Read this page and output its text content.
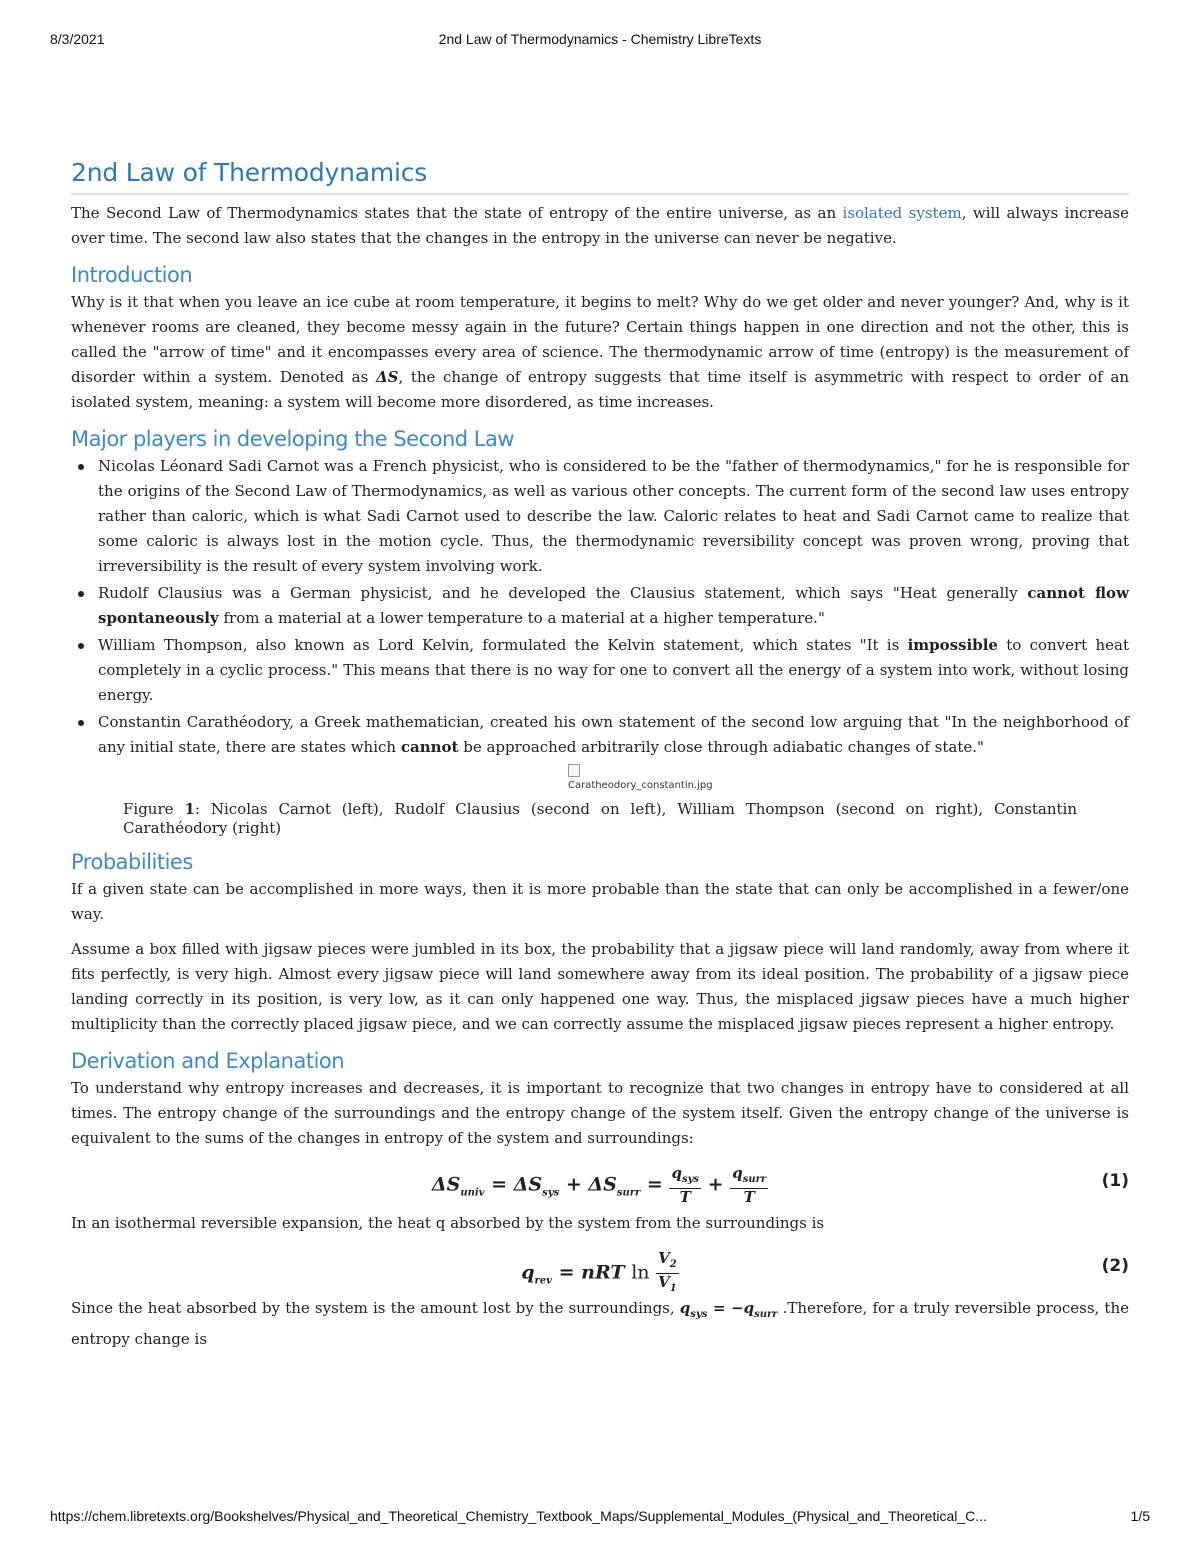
8/3/2021	2nd Law of Thermodynamics - Chemistry LibreTexts
2nd Law of Thermodynamics

The Second Law of Thermodynamics states that the state of entropy of the entire universe, as an isolated system, will always increase over time. The second law also states that the changes in the entropy in the universe can never be negative.

Introduction

Why is it that when you leave an ice cube at room temperature, it begins to melt? Why do we get older and never younger? And, why is it whenever rooms are cleaned, they become messy again in the future? Certain things happen in one direction and not the other, this is called the "arrow of time" and it encompasses every area of science. The thermodynamic arrow of time (entropy) is the measurement of disorder within a system. Denoted as ΔS, the change of entropy suggests that time itself is asymmetric with respect to order of an isolated system, meaning: a system will become more disordered, as time increases.

Major players in developing the Second Law
Nicolas Léonard Sadi Carnot was a French physicist, who is considered to be the "father of thermodynamics," for he is responsible for the origins of the Second Law of Thermodynamics, as well as various other concepts. The current form of the second law uses entropy rather than caloric, which is what Sadi Carnot used to describe the law. Caloric relates to heat and Sadi Carnot came to realize that some caloric is always lost in the motion cycle. Thus, the thermodynamic reversibility concept was proven wrong, proving that irreversibility is the result of every system involving work.
Rudolf Clausius was a German physicist, and he developed the Clausius statement, which says "Heat generally cannot flow spontaneously from a material at a lower temperature to a material at a higher temperature."
William Thompson, also known as Lord Kelvin, formulated the Kelvin statement, which states "It is impossible to convert heat completely in a cyclic process." This means that there is no way for one to convert all the energy of a system into work, without losing energy.
Constantin Carathéodory, a Greek mathematician, created his own statement of the second low arguing that "In the neighborhood of any initial state, there are states which cannot be approached arbitrarily close through adiabatic changes of state."
Caratheodory_constantin.jpg
Figure 1: Nicolas Carnot (left), Rudolf Clausius (second on left), William Thompson (second on right), Constantin Carathéodory (right)
Probabilities

If a given state can be accomplished in more ways, then it is more probable than the state that can only be accomplished in a fewer/one way.

Assume a box filled with jigsaw pieces were jumbled in its box, the probability that a jigsaw piece will land randomly, away from where it fits perfectly, is very high. Almost every jigsaw piece will land somewhere away from its ideal position. The probability of a jigsaw piece landing correctly in its position, is very low, as it can only happened one way. Thus, the misplaced jigsaw pieces have a much higher multiplicity than the correctly placed jigsaw piece, and we can correctly assume the misplaced jigsaw pieces represent a higher entropy.

Derivation and Explanation

To understand why entropy increases and decreases, it is important to recognize that two changes in entropy have to considered at all times. The entropy change of the surroundings and the entropy change of the system itself. Given the entropy change of the universe is equivalent to the sums of the changes in entropy of the system and surroundings:

$\Delta S_{univ} = \Delta S_{sys} + \Delta S_{surr} = \frac{q_{sys}}{T} + \frac{q_{surr}}{T}$	(1)

In an isothermal reversible expansion, the heat q absorbed by the system from the surroundings is

$q_{rev}$ = nRT $\ln \frac{V_2}{V_1}$	(2)

Since the heat absorbed by the system is the amount lost by the surroundings, $q_{sys} = -q_{surr}$ .Therefore, for a truly reversible process, the entropy change is

https://chem.libretexts.org/Bookshelves/Physical_and_Theoretical_Chemistry_Textbook_Maps/Supplemental_Modules_(Physical_and_Theoretical_C...	1/5
